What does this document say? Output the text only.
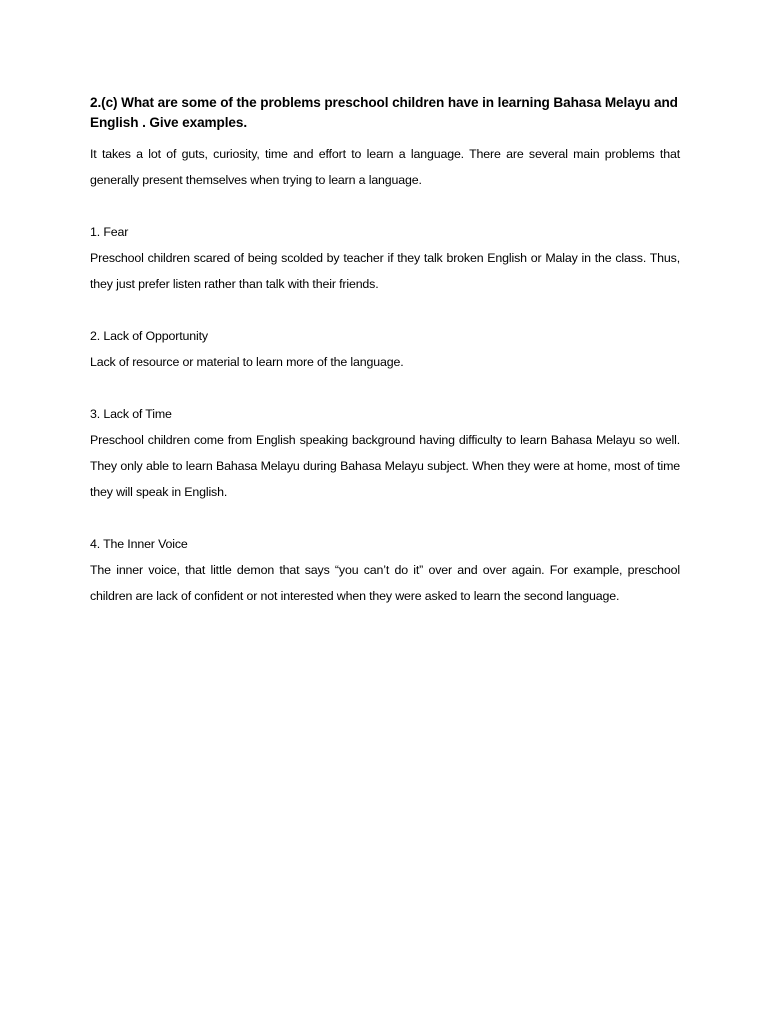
2.(c) What are some of the problems preschool children have in learning Bahasa Melayu and English . Give examples.

It takes a lot of guts, curiosity, time and effort to learn a language. There are several main problems that generally present themselves when trying to learn a language.

1. Fear

Preschool children scared of being scolded by teacher if they talk broken English or Malay in the class. Thus, they just prefer listen rather than talk with their friends.

2. Lack of Opportunity

Lack of resource or material to learn more of the language.

3. Lack of Time

Preschool children come from English speaking background having difficulty to learn Bahasa Melayu so well. They only able to learn Bahasa Melayu during Bahasa Melayu subject. When they were at home, most of time they will speak in English.

4. The Inner Voice

The inner voice, that little demon that says “you can’t do it” over and over again. For example, preschool children are lack of confident or not interested when they were asked to learn the second language.
